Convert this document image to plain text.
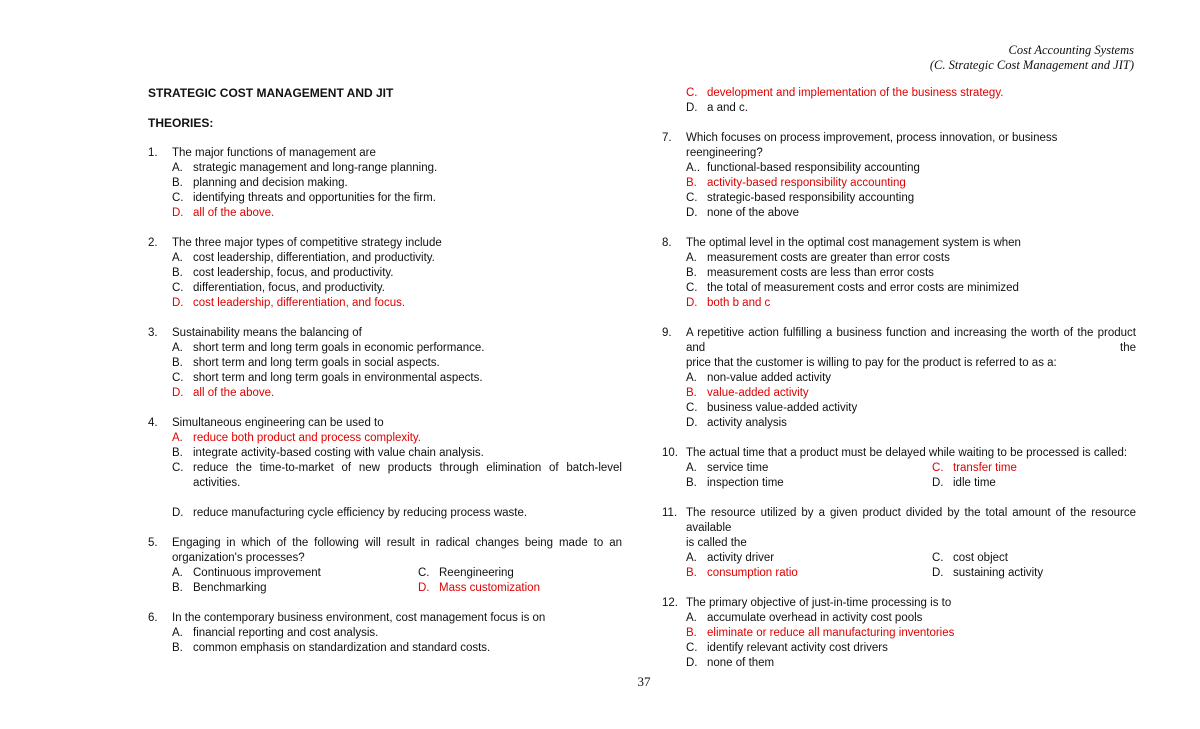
Cost Accounting Systems
(C. Strategic Cost Management and JIT)
STRATEGIC COST MANAGEMENT AND JIT
THEORIES:
1. The major functions of management are
A. strategic management and long-range planning.
B. planning and decision making.
C. identifying threats and opportunities for the firm.
D. all of the above.
2. The three major types of competitive strategy include
A. cost leadership, differentiation, and productivity.
B. cost leadership, focus, and productivity.
C. differentiation, focus, and productivity.
D. cost leadership, differentiation, and focus.
3. Sustainability means the balancing of
A. short term and long term goals in economic performance.
B. short term and long term goals in social aspects.
C. short term and long term goals in environmental aspects.
D. all of the above.
4. Simultaneous engineering can be used to
A. reduce both product and process complexity.
B. integrate activity-based costing with value chain analysis.
C. reduce the time-to-market of new products through elimination of batch-level activities.
D. reduce manufacturing cycle efficiency by reducing process waste.
5. Engaging in which of the following will result in radical changes being made to an
organization's processes?
A. Continuous improvement	C. Reengineering
B. Benchmarking	D. Mass customization
6. In the contemporary business environment, cost management focus is on
A. financial reporting and cost analysis.
B. common emphasis on standardization and standard costs.
C. development and implementation of the business strategy.
D. a and c.
7. Which focuses on process improvement, process innovation, or business reengineering?
A.. functional-based responsibility accounting
B. activity-based responsibility accounting
C. strategic-based responsibility accounting
D. none of the above
8. The optimal level in the optimal cost management system is when
A. measurement costs are greater than error costs
B. measurement costs are less than error costs
C. the total of measurement costs and error costs are minimized
D. both b and c
9. A repetitive action fulfilling a business function and increasing the worth of the product and the
price that the customer is willing to pay for the product is referred to as a:
A. non-value added activity
B. value-added activity
C. business value-added activity
D. activity analysis
10. The actual time that a product must be delayed while waiting to be processed is called:
A. service time	C. transfer time
B. inspection time	D. idle time
11. The resource utilized by a given product divided by the total amount of the resource available
is called the
A. activity driver	C. cost object
B. consumption ratio	D. sustaining activity
12. The primary objective of just-in-time processing is to
A. accumulate overhead in activity cost pools
B. eliminate or reduce all manufacturing inventories
C. identify relevant activity cost drivers
D. none of them
37
